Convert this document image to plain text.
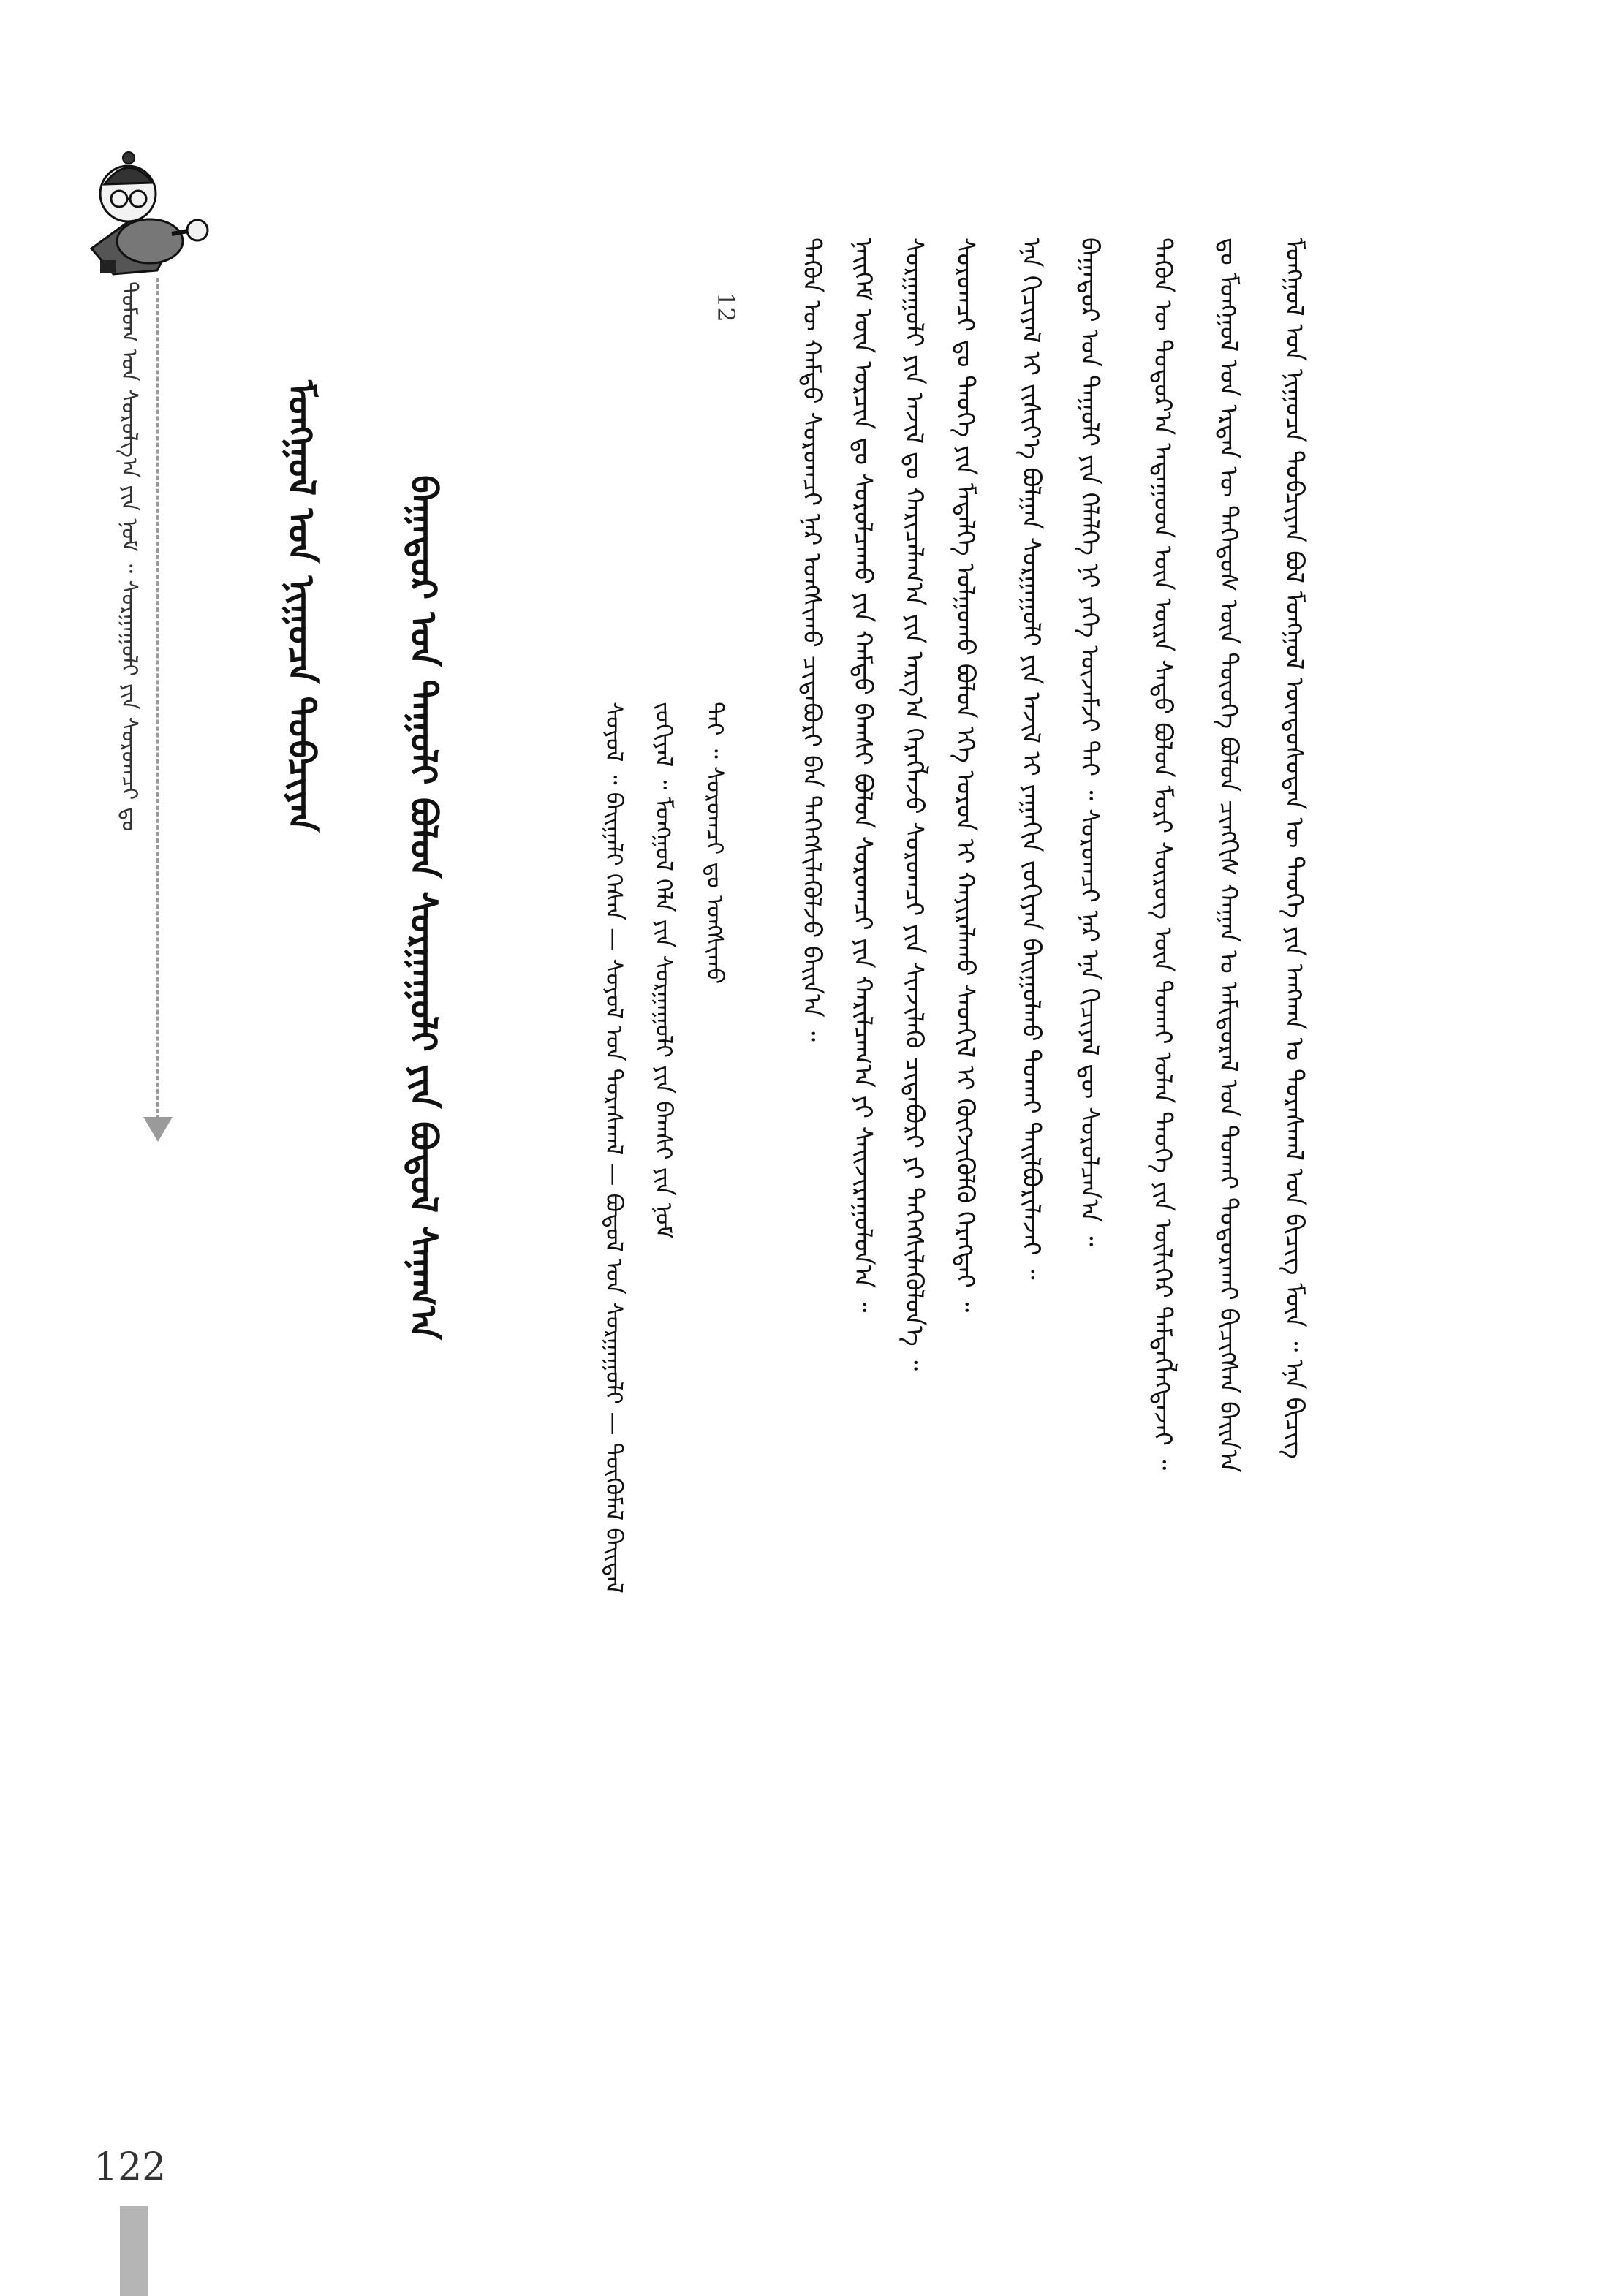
ᠳᠣᠮᠤᠭ ᠤᠨ ᠰᠤᠷᠤᠯᠭ᠎ᠠ ᠶᠢᠨ ᠨᠣᠮ ᠃ ᠰᠤᠷᠭᠠᠭᠤᠯᠢ ᠶᠢᠨ ᠰᠤᠷᠤᠭᠴᠢ ᠳᠤ	ᠮᠣᠩᠭᠣᠯ ᠤᠨ ᠨᠢᠭᠤᠴᠠ ᠲᠣᠪᠴᠢᠶᠠᠨ	ᠪᠠᠭᠠᠲᠤᠷ ᠤᠨ ᠲᠠᠭᠤᠯᠢ ᠪᠣᠯᠤᠨ ᠰᠤᠷᠭᠠᠭᠤᠯᠢ ᠶᠢᠨ ᠪᠣᠳᠣᠯ ᠰᠠᠨᠠᠭ᠎ᠠ	ᠰᠣᠶᠣᠯ ᠃ ᠪᠠᠢᠭᠠᠯᠢ ᠭᠡᠰᠡᠨ — ᠰᠣᠶᠣᠯ ᠤᠨ ᠳᠤᠷᠠᠰᠬᠠᠯ — ᠪᠣᠳᠣᠯ ᠤᠨ ᠰᠤᠷᠭᠠᠭᠤᠯᠢ — ᠲᠦᠭᠦᠮᠡᠯ ᠪᠠᠢᠳᠠᠯ ᠵᠣᠬᠢᠶᠠᠯ ᠃ ᠮᠣᠩᠭᠣᠯ ᠬᠡᠯᠡ ᠶᠢᠨ ᠰᠤᠷᠭᠠᠭᠤᠯᠢ ᠶᠢᠨ ᠪᠠᠭᠰᠢ ᠶᠢᠨ ᠨᠣᠮ ᠲᠠᠢ ᠃ ᠰᠤᠷᠤᠭᠴᠢ ᠳᠤ ᠤᠩᠰᠢᠬᠤ	ᠲᠡᠭᠦᠨ ᠦ ᠬᠠᠮᠲᠤ ᠰᠤᠷᠤᠭᠴᠢ ᠨᠠᠷ ᠤᠩᠰᠢᠬᠤ ᠴᠢᠳᠠᠪᠤᠷᠢ ᠪᠠᠨ ᠳᠡᠭᠡᠭᠰᠢᠯᠡᠭᠦᠯᠵᠦ ᠪᠠᠢᠨ᠎ᠠ ᠃ ᠨᠡᠢᠭᠡᠮ ᠦᠨ ᠣᠷᠴᠢᠨ ᠳᠤ ᠰᠤᠷᠤᠯᠴᠠᠬᠤ ᠶᠢᠨ ᠬᠠᠮᠲᠤ ᠪᠠᠭᠰᠢ ᠪᠣᠯᠤᠨ ᠰᠤᠷᠤᠭᠴᠢ ᠶᠢᠨ ᠬᠠᠷᠢᠯᠴᠠᠭ᠎ᠠ ᠶᠢ ᠰᠠᠢᠵᠢᠷᠠᠭᠤᠯᠤᠨ᠎ᠠ ᠃ ᠰᠤᠷᠭᠠᠭᠤᠯᠢ ᠶᠢᠨ ᠠᠵᠢᠯ ᠳᠤ ᠬᠠᠷᠢᠴᠠᠯᠠᠭ᠎ᠠ ᠶᠢᠨ ᠠᠷᠭ᠎ᠠ ᠬᠡᠷᠡᠭᠯᠡᠵᠦ ᠰᠤᠷᠤᠭᠴᠢ ᠶᠢᠨ ᠰᠢᠨᠵᠢᠯᠡᠬᠦ ᠴᠢᠳᠠᠪᠤᠷᠢ ᠶᠢ ᠳᠡᠭᠡᠭᠰᠢᠯᠡᠭᠦᠯᠦᠨ᠎ᠡ ᠃ ᠰᠤᠷᠤᠭᠴᠢ ᠳᠤ ᠲᠡᠦᠬᠡ ᠶᠢᠨ ᠮᠡᠳᠡᠯᠭᠡ ᠣᠯᠭᠤᠬᠤ ᠪᠣᠯᠤᠨ ᠡᠬᠡ ᠣᠷᠣᠨ ᠢ ᠬᠠᠶᠢᠷᠠᠯᠠᠬᠤ ᠰᠡᠳᠬᠢᠯ ᠢ ᠬᠥᠭᠵᠢᠭᠦᠯᠬᠦ ᠬᠡᠷᠡᠭᠲᠡᠢ ᠃ ᠡᠨᠡ ᠬᠢᠴᠢᠶᠡᠯ ᠢ ᠵᠢᠱᠢᠶ᠎ᠡ ᠪᠣᠯᠭᠠᠨ ᠰᠤᠷᠭᠠᠭᠤᠯᠢ ᠶᠢᠨ ᠠᠵᠢᠯ ᠢ ᠶᠠᠭᠠᠬᠢᠨ ᠵᠣᠬᠢᠶᠠᠨ ᠪᠠᠢᠭᠤᠯᠬᠤ ᠲᠤᠬᠠᠢ ᠲᠠᠢᠯᠪᠤᠷᠢᠯᠠᠵᠠᠢ ᠃ ᠪᠠᠭᠠᠲᠤᠷ ᠤᠨ ᠲᠠᠭᠤᠯᠢ ᠶᠢᠨ ᠬᠡᠯᠡᠯᠭᠡ ᠨᠢ ᠶᠡᠬᠡ ᠦᠵᠡᠮᠵᠢ ᠲᠠᠢ ᠃ ᠰᠤᠷᠤᠭᠴᠢ ᠨᠠᠷ ᠡᠨᠡ ᠬᠢᠴᠢᠶᠡᠯ ᠳᠦ ᠰᠤᠷᠤᠯᠴᠠᠨ᠎ᠠ ᠃ ᠲᠡᠭᠦᠨ ᠦ ᠳᠣᠲᠣᠷ᠎ᠠ ᠠᠳᠠᠭᠤᠳ ᠦᠨ ᠦᠷᠡ ᠰᠠᠳᠤ ᠪᠣᠯᠤᠨ ᠮᠣᠷᠢ ᠰᠦᠷᠦᠭ ᠦᠨ ᠲᠤᠬᠠᠢ ᠣᠯᠠᠨ ᠲᠡᠦᠬᠡ ᠶᠢᠨ ᠦᠯᠢᠭᠡᠷ ᠲᠡᠮᠳᠡᠭᠯᠡᠭᠳᠡᠵᠡᠢ ᠃ ᠳᠤ ᠮᠣᠩᠭᠣᠯ ᠤᠨ ᠡᠷᠲᠡᠨ ᠦ ᠳᠡᠭᠡᠳᠦᠰ ᠦᠨ ᠲᠦᠦᠬᠡ ᠪᠣᠯᠤᠨ ᠴᠢᠩᠭᠢᠰ ᠬᠠᠭᠠᠨ ᠤ ᠠᠮᠢᠳᠤᠷᠠᠯ ᠤᠨ ᠲᠤᠬᠠᠢ ᠲᠣᠳᠣᠷᠬᠠᠢ ᠪᠢᠴᠢᠭᠰᠡᠨ ᠪᠠᠢᠨ᠎ᠠ ᠮᠣᠩᠭᠣᠯ ᠤᠨ ᠨᠢᠭᠤᠴᠠ ᠲᠣᠪᠴᠢᠶᠠᠨ ᠪᠣᠯ ᠮᠣᠩᠭᠣᠯ ᠦᠨᠳᠦᠰᠦᠲᠡᠨ ᠦ ᠲᠡᠦᠬᠡ ᠶᠢᠨ ᠠᠩᠬᠠᠨ ᠤ ᠳᠤᠷᠠᠰᠬᠠᠯ ᠤᠨ ᠪᠢᠴᠢᠭ ᠮᠥᠨ ᠃ ᠡᠨᠡ ᠪᠢᠴᠢᠭ
12
122
